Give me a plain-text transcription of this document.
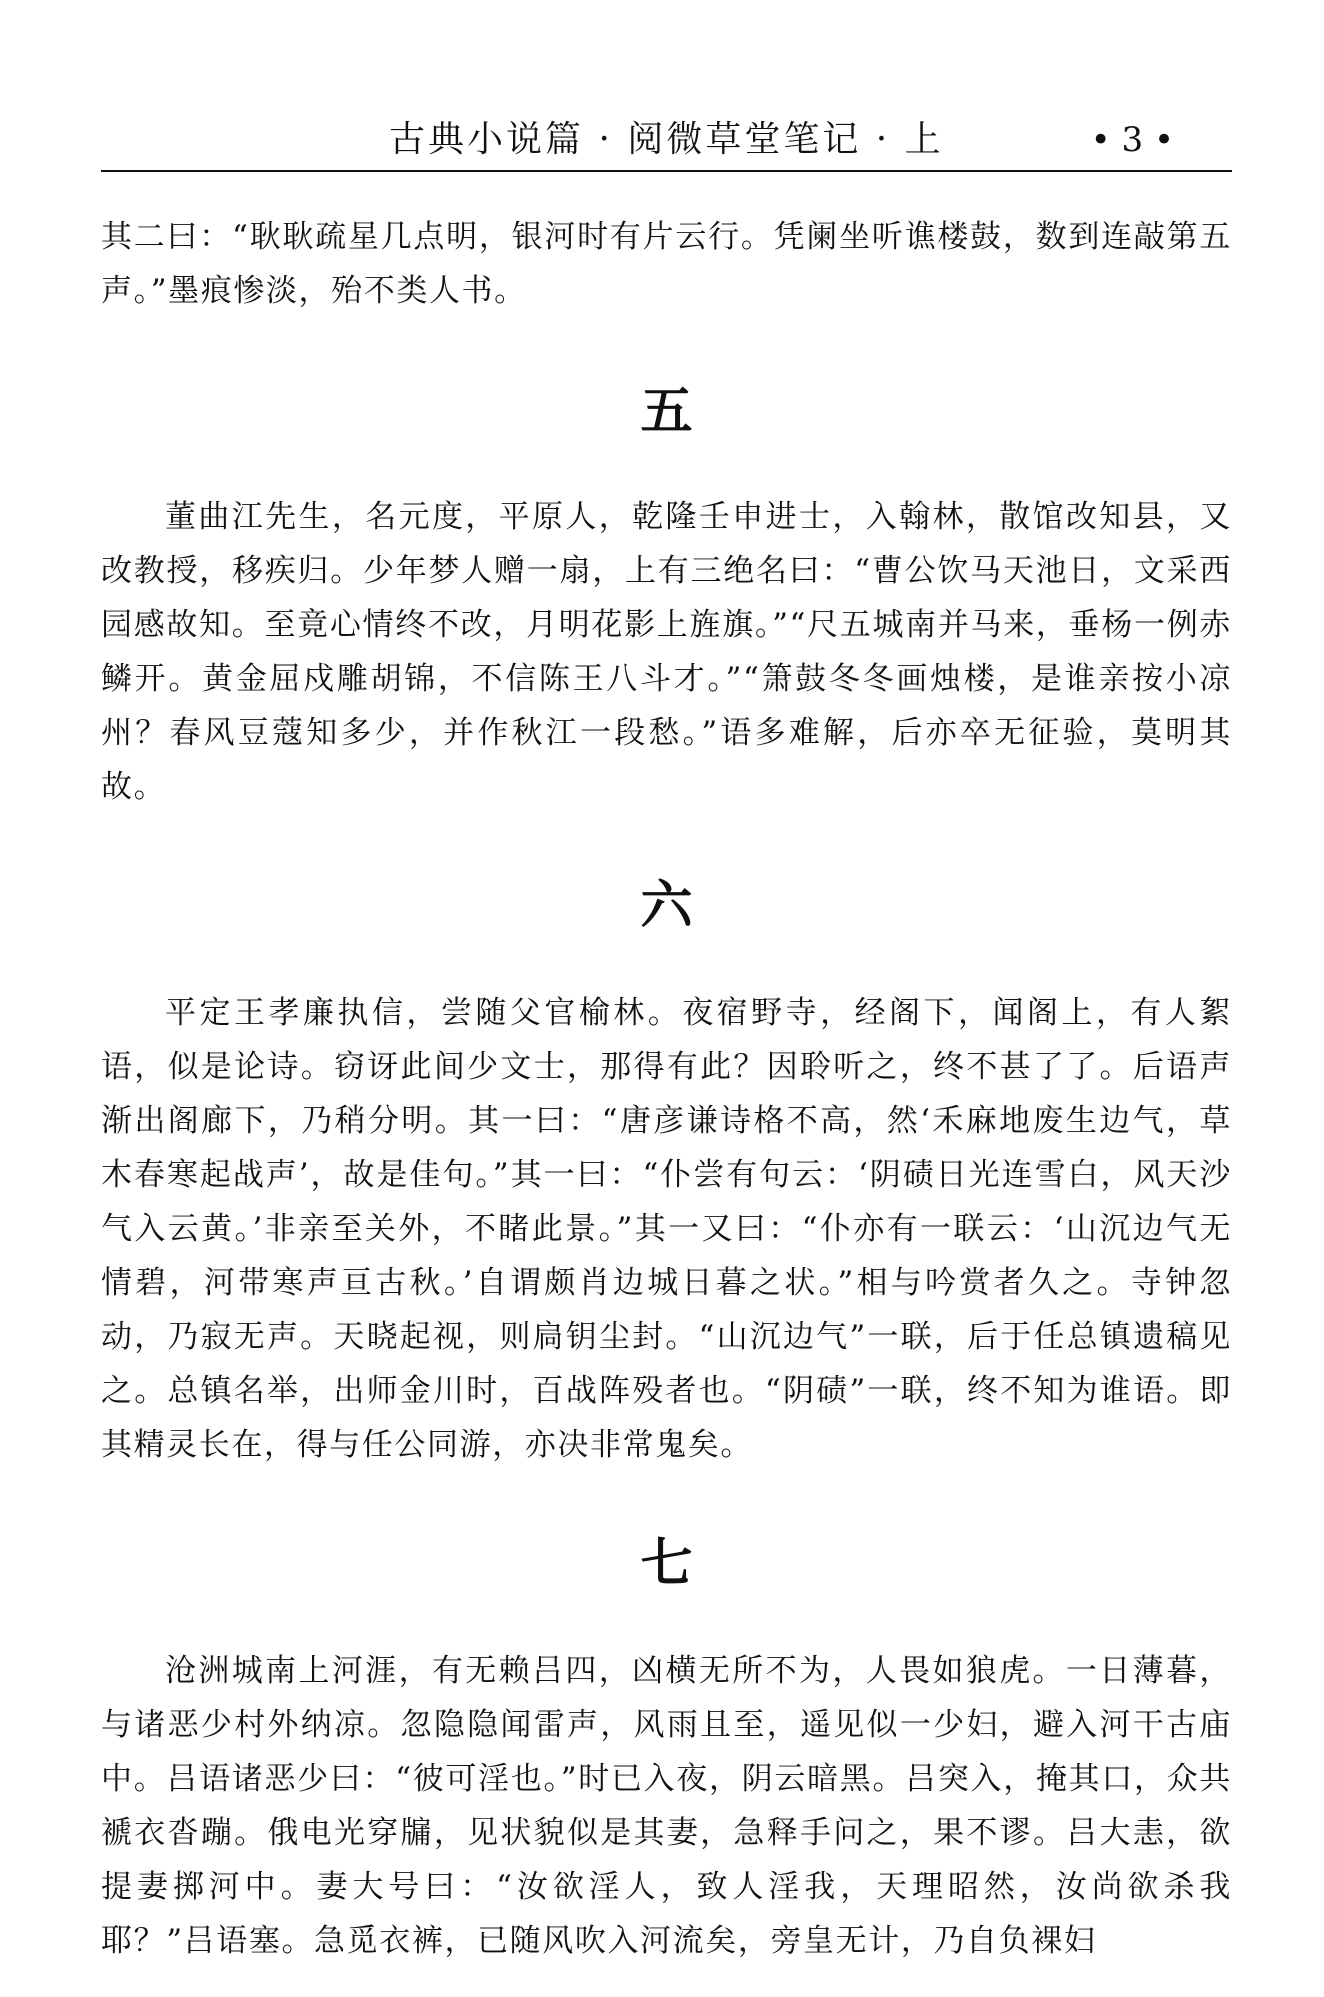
古典小说篇 · 阅微草堂笔记 · 上	• 3 •

其二曰：“耿耿疏星几点明，银河时有片云行。凭阑坐听谯楼鼓，数到连敲第五声。”墨痕惨淡，殆不类人书。

五

董曲江先生，名元度，平原人，乾隆壬申进士，入翰林，散馆改知县，又改教授，移疾归。少年梦人赠一扇，上有三绝名曰：“曹公饮马天池日，文采西园感故知。至竟心情终不改，月明花影上旌旗。”“尺五城南并马来，垂杨一例赤鳞开。黄金屈戍雕胡锦，不信陈王八斗才。”“箫鼓冬冬画烛楼，是谁亲按小凉州？春风豆蔻知多少，并作秋江一段愁。”语多难解，后亦卒无征验，莫明其故。

六

平定王孝廉执信，尝随父官榆林。夜宿野寺，经阁下，闻阁上，有人絮语，似是论诗。窃讶此间少文士，那得有此？因聆听之，终不甚了了。后语声渐出阁廊下，乃稍分明。其一曰：“唐彦谦诗格不高，然‘禾麻地废生边气，草木春寒起战声’，故是佳句。”其一曰：“仆尝有句云：‘阴碛日光连雪白，风天沙气入云黄。’非亲至关外，不睹此景。”其一又曰：“仆亦有一联云：‘山沉边气无情碧，河带寒声亘古秋。’自谓颇肖边城日暮之状。”相与吟赏者久之。寺钟忽动，乃寂无声。天晓起视，则扃钥尘封。“山沉边气”一联，后于任总镇遗稿见之。总镇名举，出师金川时，百战阵殁者也。“阴碛”一联，终不知为谁语。即其精灵长在，得与任公同游，亦决非常鬼矣。

七

沧洲城南上河涯，有无赖吕四，凶横无所不为，人畏如狼虎。一日薄暮，与诸恶少村外纳凉。忽隐隐闻雷声，风雨且至，遥见似一少妇，避入河干古庙中。吕语诸恶少曰：“彼可淫也。”时已入夜，阴云暗黑。吕突入，掩其口，众共褫衣沓蹦。俄电光穿牖，见状貌似是其妻，急释手问之，果不谬。吕大恚，欲提妻掷河中。妻大号曰：“汝欲淫人，致人淫我，天理昭然，汝尚欲杀我耶？”吕语塞。急觅衣裤，已随风吹入河流矣，旁皇无计，乃自负裸妇
